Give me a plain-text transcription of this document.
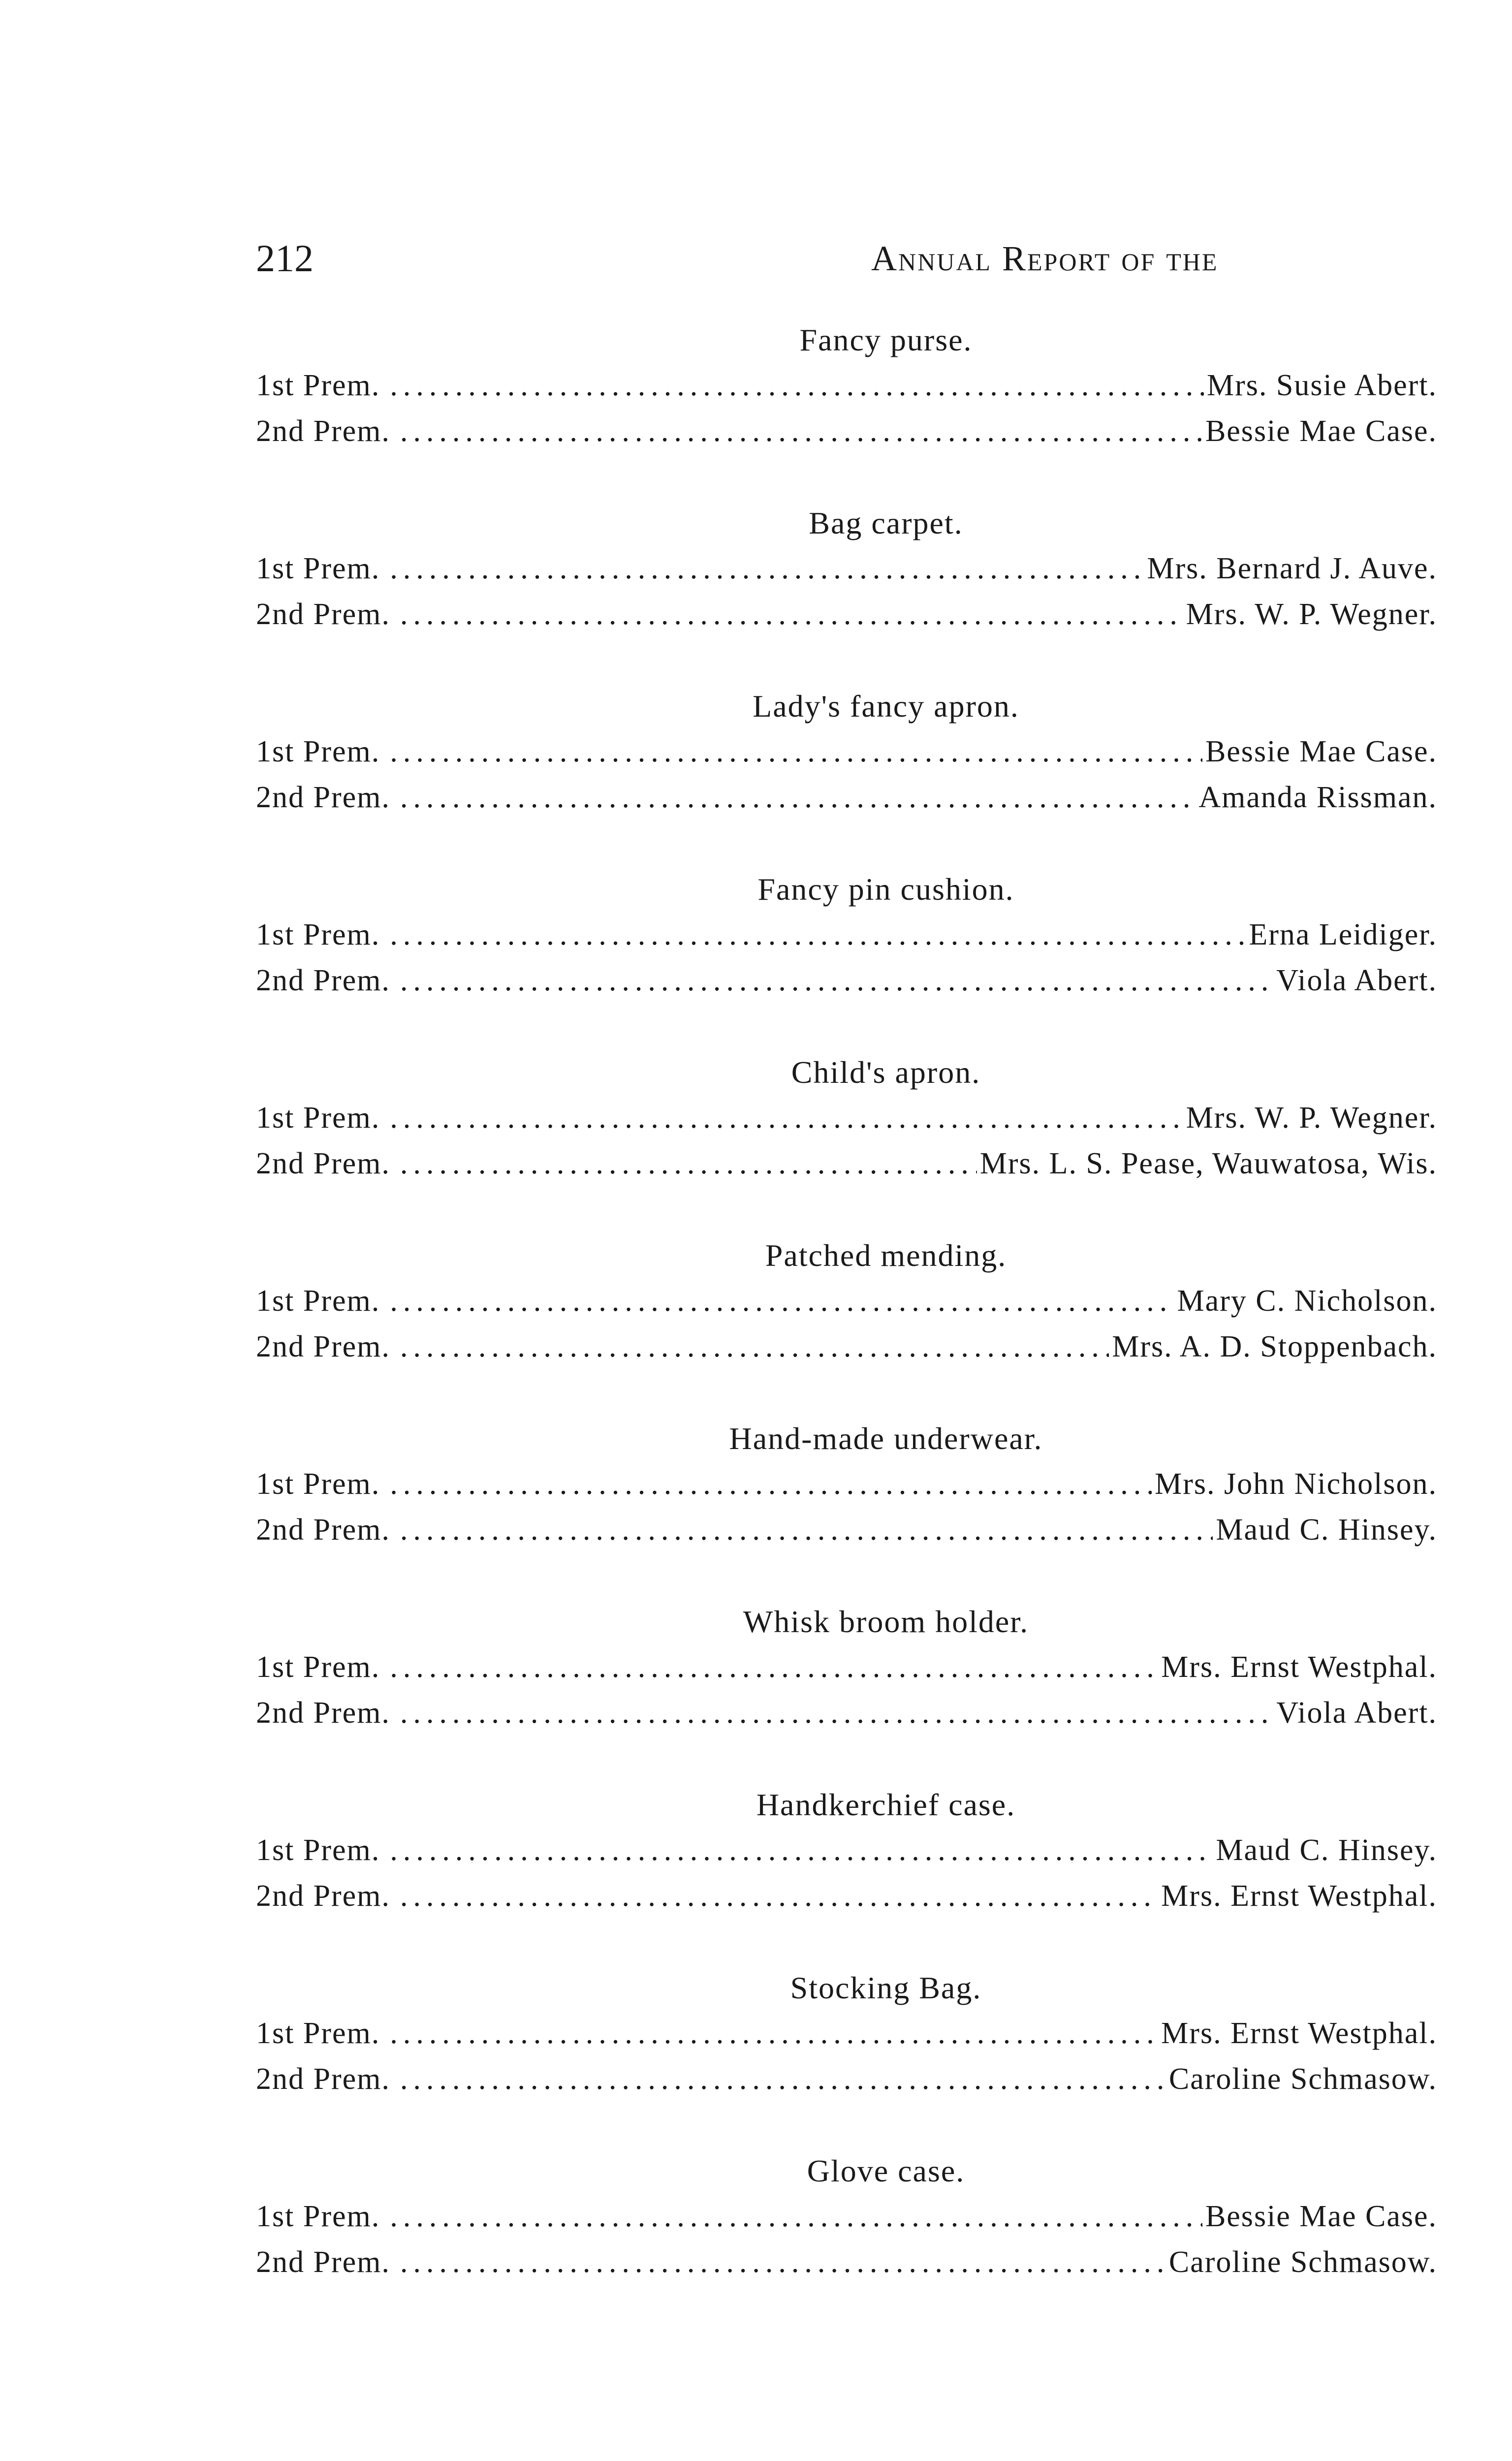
212	Annual Report of the
Fancy purse.
1st Prem. .....	Mrs. Susie Abert.
2nd Prem. .....	Bessie Mae Case.
Bag carpet.
1st Prem. .....	Mrs. Bernard J. Auve.
2nd Prem. .....	Mrs. W. P. Wegner.
Lady's fancy apron.
1st Prem. .....	Bessie Mae Case.
2nd Prem. .....	Amanda Rissman.
Fancy pin cushion.
1st Prem. .....	Erna Leidiger.
2nd Prem. .....	Viola Abert.
Child's apron.
1st Prem. .....	Mrs. W. P. Wegner.
2nd Prem. .....	Mrs. L. S. Pease, Wauwatosa, Wis.
Patched mending.
1st Prem. .....	Mary C. Nicholson.
2nd Prem. .....	Mrs. A. D. Stoppenbach.
Hand-made underwear.
1st Prem. .....	Mrs. John Nicholson.
2nd Prem. .....	Maud C. Hinsey.
Whisk broom holder.
1st Prem. .....	Mrs. Ernst Westphal.
2nd Prem. .....	Viola Abert.
Handkerchief case.
1st Prem. .....	Maud C. Hinsey.
2nd Prem. .....	Mrs. Ernst Westphal.
Stocking Bag.
1st Prem. .....	Mrs. Ernst Westphal.
2nd Prem. .....	Caroline Schmasow.
Glove case.
1st Prem. .....	Bessie Mae Case.
2nd Prem. .....	Caroline Schmasow.
